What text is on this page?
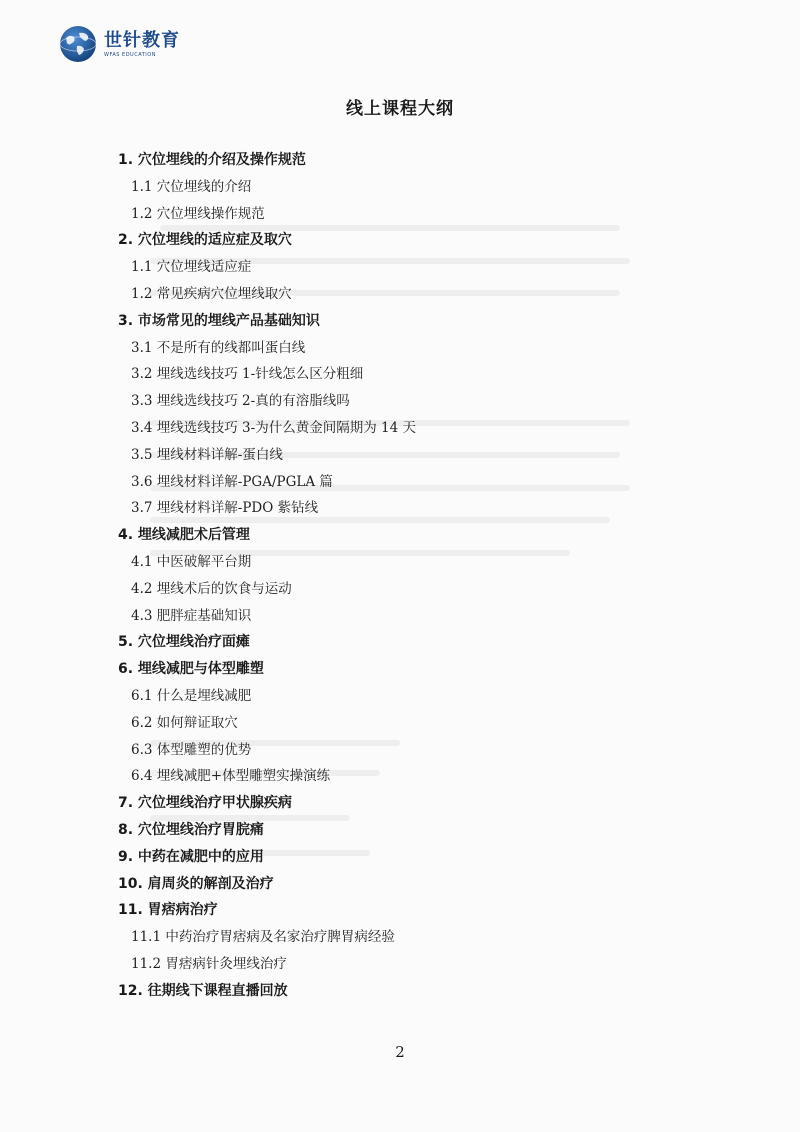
世针教育
WFAS EDUCATION
线上课程大纲
1. 穴位埋线的介绍及操作规范
1.1 穴位埋线的介绍
1.2 穴位埋线操作规范
2. 穴位埋线的适应症及取穴
1.1 穴位埋线适应症
1.2 常见疾病穴位埋线取穴
3. 市场常见的埋线产品基础知识
3.1 不是所有的线都叫蛋白线
3.2 埋线选线技巧 1-针线怎么区分粗细
3.3 埋线选线技巧 2-真的有溶脂线吗
3.4 埋线选线技巧 3-为什么黄金间隔期为 14 天
3.5 埋线材料详解-蛋白线
3.6 埋线材料详解-PGA/PGLA 篇
3.7 埋线材料详解-PDO 紫钻线
4. 埋线减肥术后管理
4.1 中医破解平台期
4.2 埋线术后的饮食与运动
4.3 肥胖症基础知识
5. 穴位埋线治疗面瘫
6. 埋线减肥与体型雕塑
6.1 什么是埋线减肥
6.2 如何辩证取穴
6.3 体型雕塑的优势
6.4 埋线减肥+体型雕塑实操演练
7. 穴位埋线治疗甲状腺疾病
8. 穴位埋线治疗胃脘痛
9. 中药在减肥中的应用
10. 肩周炎的解剖及治疗
11. 胃痞病治疗
11.1 中药治疗胃痞病及名家治疗脾胃病经验
11.2 胃痞病针灸埋线治疗
12. 往期线下课程直播回放
2
